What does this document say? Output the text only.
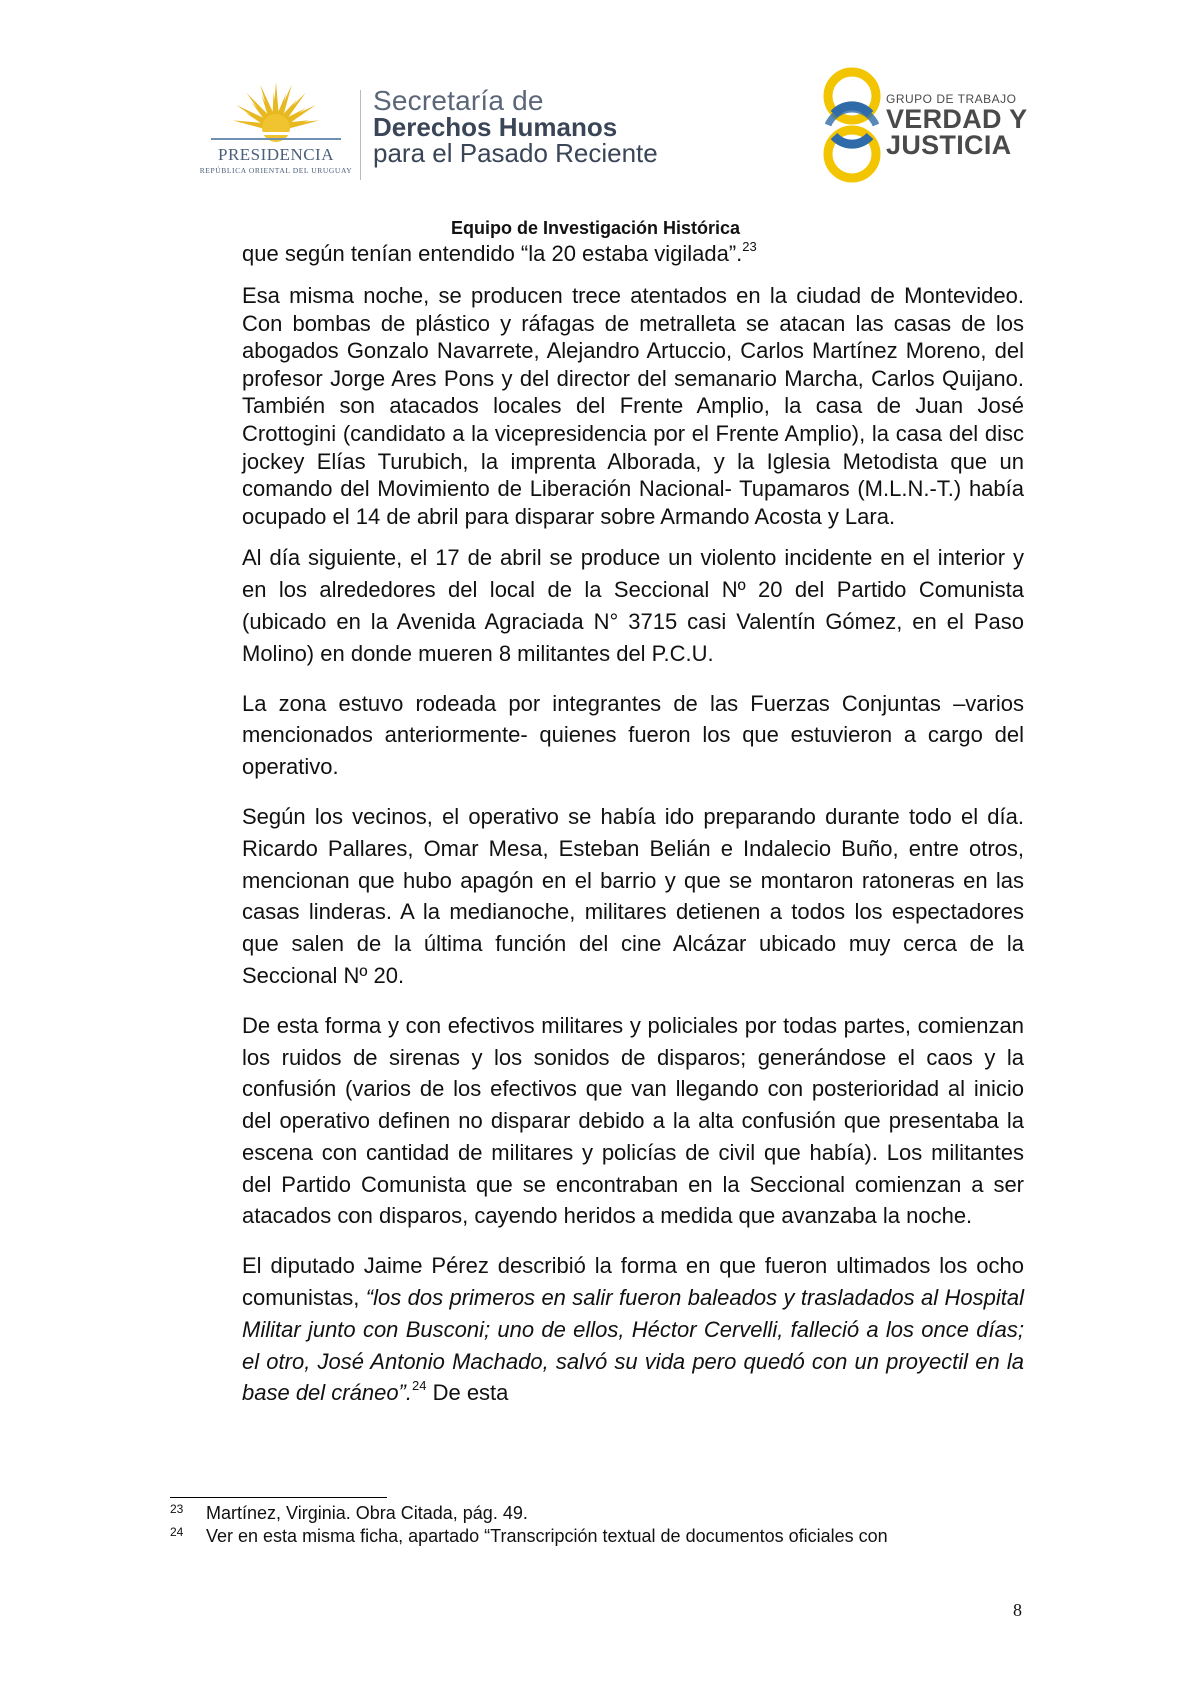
PRESIDENCIA
REPÚBLICA ORIENTAL DEL URUGUAY
Secretaría de
Derechos Humanos
para el Pasado Reciente
GRUPO DE TRABAJO
VERDAD Y
JUSTICIA
Equipo de Investigación Histórica

que según tenían entendido “la 20 estaba vigilada”.$^{23}$

Esa misma noche, se producen trece atentados en la ciudad de Montevideo. Con bombas de plástico y ráfagas de metralleta se atacan las casas de los abogados Gonzalo Navarrete, Alejandro Artuccio, Carlos Martínez Moreno, del profesor Jorge Ares Pons y del director del semanario Marcha, Carlos Quijano. También son atacados locales del Frente Amplio, la casa de Juan José Crottogini (candidato a la vicepresidencia por el Frente Amplio), la casa del disc jockey Elías Turubich, la imprenta Alborada, y la Iglesia Metodista que un comando del Movimiento de Liberación Nacional- Tupamaros (M.L.N.-T.) había ocupado el 14 de abril para disparar sobre Armando Acosta y Lara.

Al día siguiente, el 17 de abril se produce un violento incidente en el interior y en los alrededores del local de la Seccional Nº 20 del Partido Comunista (ubicado en la Avenida Agraciada N° 3715 casi Valentín Gómez, en el Paso Molino) en donde mueren 8 militantes del P.C.U.

La zona estuvo rodeada por integrantes de las Fuerzas Conjuntas –varios mencionados anteriormente- quienes fueron los que estuvieron a cargo del operativo.

Según los vecinos, el operativo se había ido preparando durante todo el día. Ricardo Pallares, Omar Mesa, Esteban Belián e Indalecio Buño, entre otros, mencionan que hubo apagón en el barrio y que se montaron ratoneras en las casas linderas. A la medianoche, militares detienen a todos los espectadores que salen de la última función del cine Alcázar ubicado muy cerca de la Seccional Nº 20.

De esta forma y con efectivos militares y policiales por todas partes, comienzan los ruidos de sirenas y los sonidos de disparos; generándose el caos y la confusión (varios de los efectivos que van llegando con posterioridad al inicio del operativo definen no disparar debido a la alta confusión que presentaba la escena con cantidad de militares y policías de civil que había). Los militantes del Partido Comunista que se encontraban en la Seccional comienzan a ser atacados con disparos, cayendo heridos a medida que avanzaba la noche.

El diputado Jaime Pérez describió la forma en que fueron ultimados los ocho comunistas, “los dos primeros en salir fueron baleados y trasladados al Hospital Militar junto con Busconi; uno de ellos, Héctor Cervelli, falleció a los once días; el otro, José Antonio Machado, salvó su vida pero quedó con un proyectil en la base del cráneo”.$^{24}$ De esta

23 Martínez, Virginia. Obra Citada, pág. 49.
24 Ver en esta misma ficha, apartado “Transcripción textual de documentos oficiales con
8
